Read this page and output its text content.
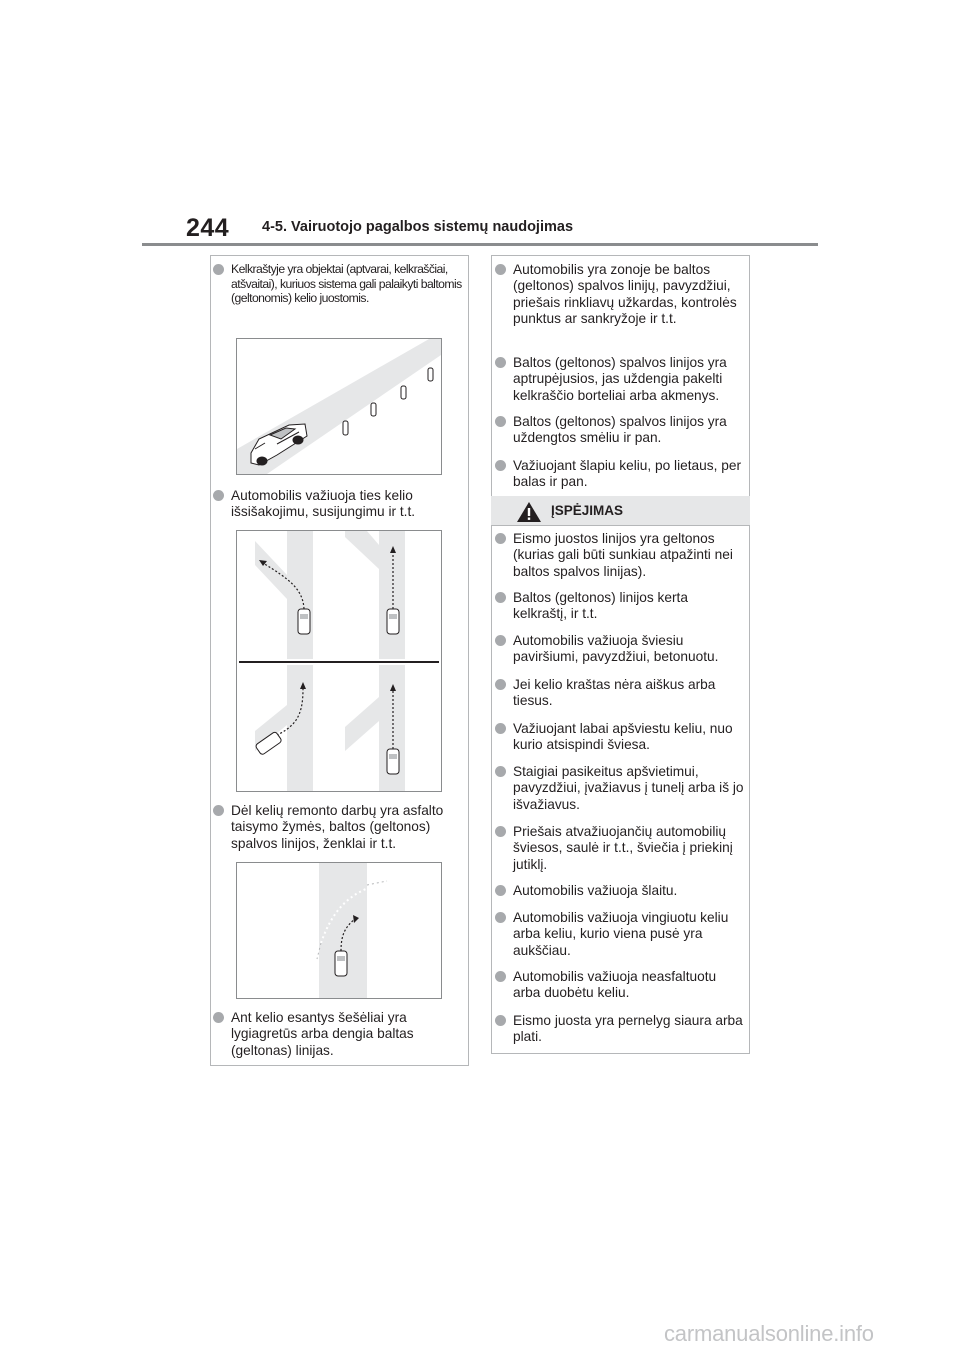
244 4-5. Vairuotojo pagalbos sistemų naudojimas
Kelkraštyje yra objektai (aptvarai, kelkraščiai, atšvaitai), kuriuos sistema gali palaikyti baltomis (geltonomis) kelio juostomis.
Automobilis važiuoja ties kelio išsišakojimu, susijungimu ir t.t.
Dėl kelių remonto darbų yra asfalto taisymo žymės, baltos (geltonos) spalvos linijos, ženklai ir t.t.
Ant kelio esantys šešėliai yra lygiagretūs arba dengia baltas (geltonas) linijas.
Automobilis yra zonoje be baltos (geltonos) spalvos linijų, pavyzdžiui, priešais rinkliavų užkardas, kontrolės punktus ar sankryžoje ir t.t.
Baltos (geltonos) spalvos linijos yra aptrupėjusios, jas uždengia pakelti kelkraščio borteliai arba akmenys.
Baltos (geltonos) spalvos linijos yra uždengtos smėliu ir pan.
Važiuojant šlapiu keliu, po lietaus, per balas ir pan.
ĮSPĖJIMAS
Eismo juostos linijos yra geltonos (kurias gali būti sunkiau atpažinti nei baltos spalvos linijas).
Baltos (geltonos) linijos kerta kelkraštį, ir t.t.
Automobilis važiuoja šviesiu paviršiumi, pavyzdžiui, betonuotu.
Jei kelio kraštas nėra aiškus arba tiesus.
Važiuojant labai apšviestu keliu, nuo kurio atsispindi šviesa.
Staigiai pasikeitus apšvietimui, pavyzdžiui, įvažiavus į tunelį arba iš jo išvažiavus.
Priešais atvažiuojančių automobilių šviesos, saulė ir t.t., šviečia į priekinį jutiklį.
Automobilis važiuoja šlaitu.
Automobilis važiuoja vingiuotu keliu arba keliu, kurio viena pusė yra aukščiau.
Automobilis važiuoja neasfaltuotu arba duobėtu keliu.
Eismo juosta yra pernelyg siaura arba plati.
carmanualsonline.info
